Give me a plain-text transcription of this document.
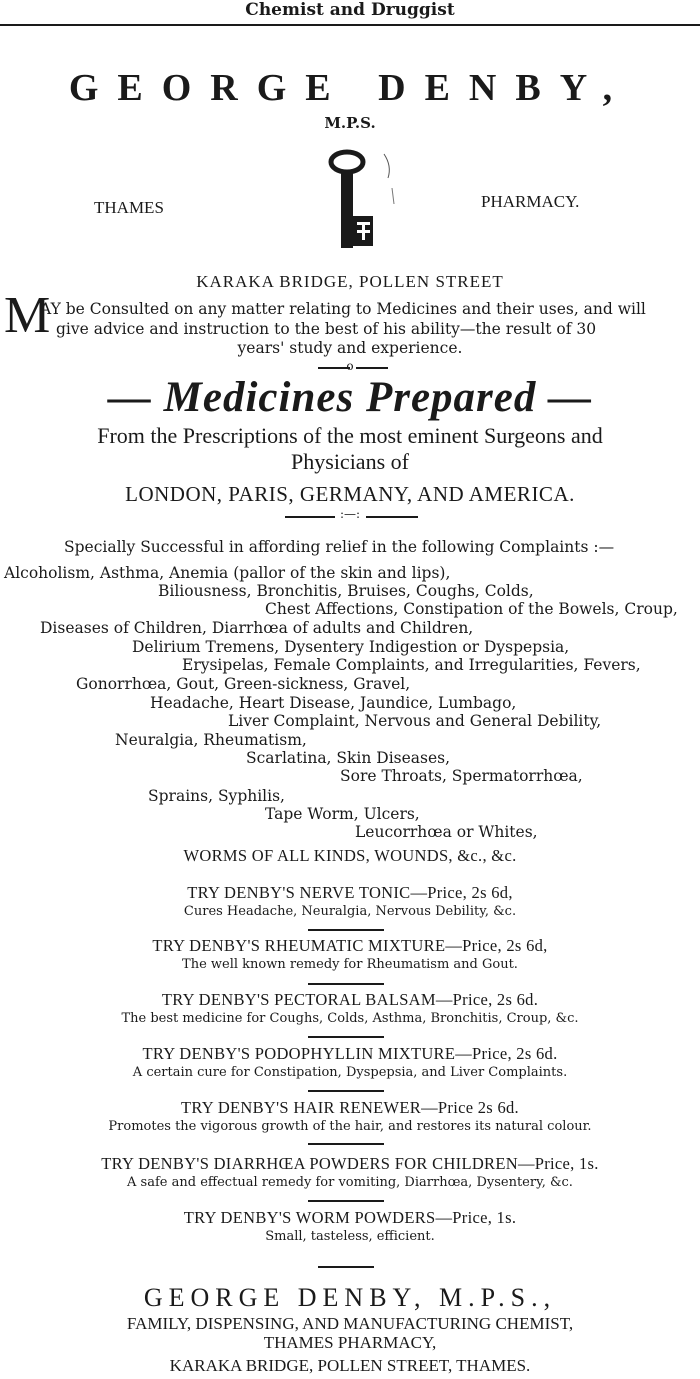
Chemist and Druggist
GEORGE DENBY,
M.P.S.
THAMES	PHARMACY.
KARAKA BRIDGE, POLLEN STREET
M
AY be Consulted on any matter relating to Medicines and their uses, and will
give advice and instruction to the best of his ability—the result of 30
years' study and experience.
o
— Medicines Prepared —
From the Prescriptions of the most eminent Surgeons and
Physicians of
LONDON, PARIS, GERMANY, AND AMERICA.
:—:
Specially Successful in affording relief in the following Complaints :—
Alcoholism, Asthma, Anemia (pallor of the skin and lips),
Biliousness, Bronchitis, Bruises, Coughs, Colds,
Chest Affections, Constipation of the Bowels, Croup,
Diseases of Children, Diarrhœa of adults and Children,
Delirium Tremens, Dysentery Indigestion or Dyspepsia,
Erysipelas, Female Complaints, and Irregularities, Fevers,
Gonorrhœa, Gout, Green-sickness, Gravel,
Headache, Heart Disease, Jaundice, Lumbago,
Liver Complaint, Nervous and General Debility,
Neuralgia, Rheumatism,
Scarlatina, Skin Diseases,
Sore Throats, Spermatorrhœa,
Sprains, Syphilis,
Tape Worm, Ulcers,
Leucorrhœa or Whites,
WORMS OF ALL KINDS, WOUNDS, &c., &c.
TRY DENBY'S NERVE TONIC—Price, 2s 6d,
Cures Headache, Neuralgia, Nervous Debility, &c.
TRY DENBY'S RHEUMATIC MIXTURE—Price, 2s 6d,
The well known remedy for Rheumatism and Gout.
TRY DENBY'S PECTORAL BALSAM—Price, 2s 6d.
The best medicine for Coughs, Colds, Asthma, Bronchitis, Croup, &c.
TRY DENBY'S PODOPHYLLIN MIXTURE—Price, 2s 6d.
A certain cure for Constipation, Dyspepsia, and Liver Complaints.
TRY DENBY'S HAIR RENEWER—Price 2s 6d.
Promotes the vigorous growth of the hair, and restores its natural colour.
TRY DENBY'S DIARRHŒA POWDERS FOR CHILDREN—Price, 1s.
A safe and effectual remedy for vomiting, Diarrhœa, Dysentery, &c.
TRY DENBY'S WORM POWDERS—Price, 1s.
Small, tasteless, efficient.
GEORGE DENBY, M.P.S.,
FAMILY, DISPENSING, AND MANUFACTURING CHEMIST,
THAMES PHARMACY,
KARAKA BRIDGE, POLLEN STREET, THAMES.
